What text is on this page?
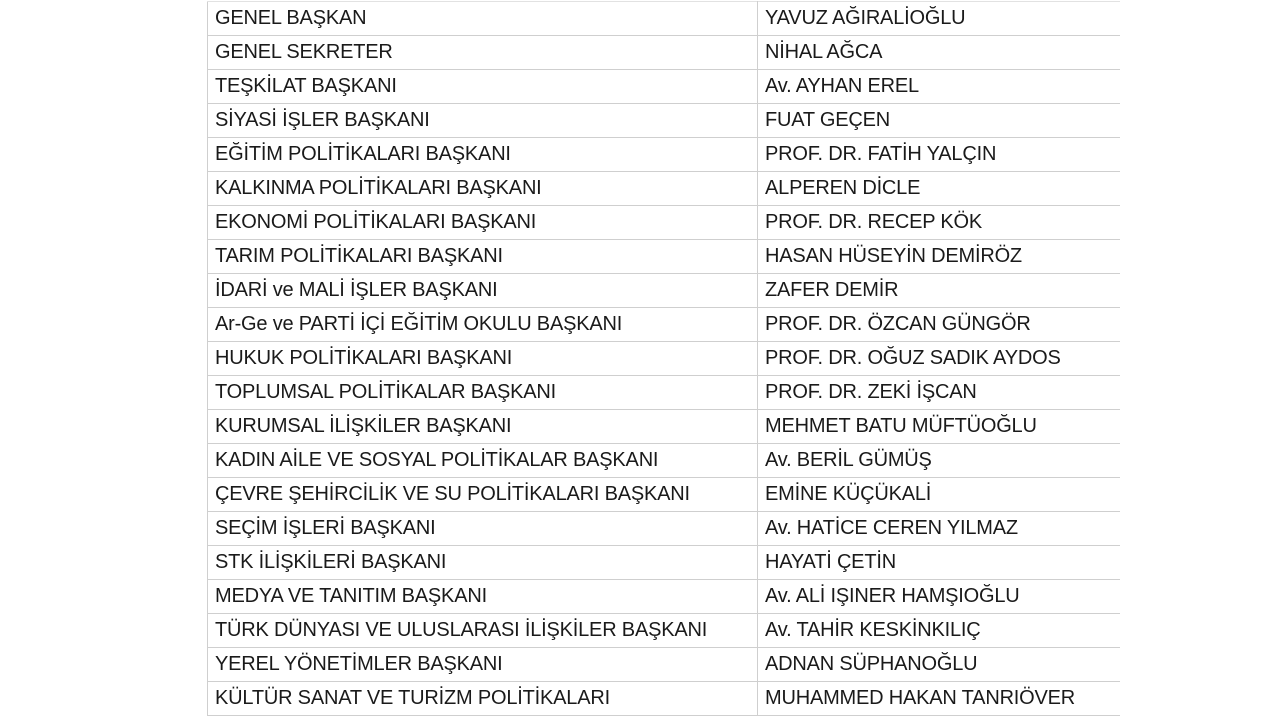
GENEL BAŞKAN	YAVUZ AĞIRALİOĞLU
GENEL SEKRETER	NİHAL AĞCA
TEŞKİLAT BAŞKANI	Av. AYHAN EREL
SİYASİ İŞLER BAŞKANI	FUAT GEÇEN
EĞİTİM POLİTİKALARI BAŞKANI	PROF. DR. FATİH YALÇIN
KALKINMA POLİTİKALARI BAŞKANI	ALPEREN DİCLE
EKONOMİ POLİTİKALARI BAŞKANI	PROF. DR. RECEP KÖK
TARIM POLİTİKALARI BAŞKANI	HASAN HÜSEYİN DEMİRÖZ
İDARİ ve MALİ İŞLER BAŞKANI	ZAFER DEMİR
Ar-Ge ve PARTİ İÇİ EĞİTİM OKULU BAŞKANI	PROF. DR. ÖZCAN GÜNGÖR
HUKUK POLİTİKALARI BAŞKANI	PROF. DR. OĞUZ SADIK AYDOS
TOPLUMSAL POLİTİKALAR BAŞKANI	PROF. DR. ZEKİ İŞCAN
KURUMSAL İLİŞKİLER BAŞKANI	MEHMET BATU MÜFTÜOĞLU
KADIN AİLE VE SOSYAL POLİTİKALAR BAŞKANI	Av. BERİL GÜMÜŞ
ÇEVRE ŞEHİRCİLİK VE SU POLİTİKALARI BAŞKANI	EMİNE KÜÇÜKALİ
SEÇİM İŞLERİ BAŞKANI	Av. HATİCE CEREN YILMAZ
STK İLİŞKİLERİ BAŞKANI	HAYATİ ÇETİN
MEDYA VE TANITIM BAŞKANI	Av. ALİ IŞINER HAMŞIOĞLU
TÜRK DÜNYASI VE ULUSLARASI İLİŞKİLER BAŞKANI	Av. TAHİR KESKİNKILIÇ
YEREL YÖNETİMLER BAŞKANI	ADNAN SÜPHANOĞLU
KÜLTÜR SANAT VE TURİZM POLİTİKALARI	MUHAMMED HAKAN TANRIÖVER
